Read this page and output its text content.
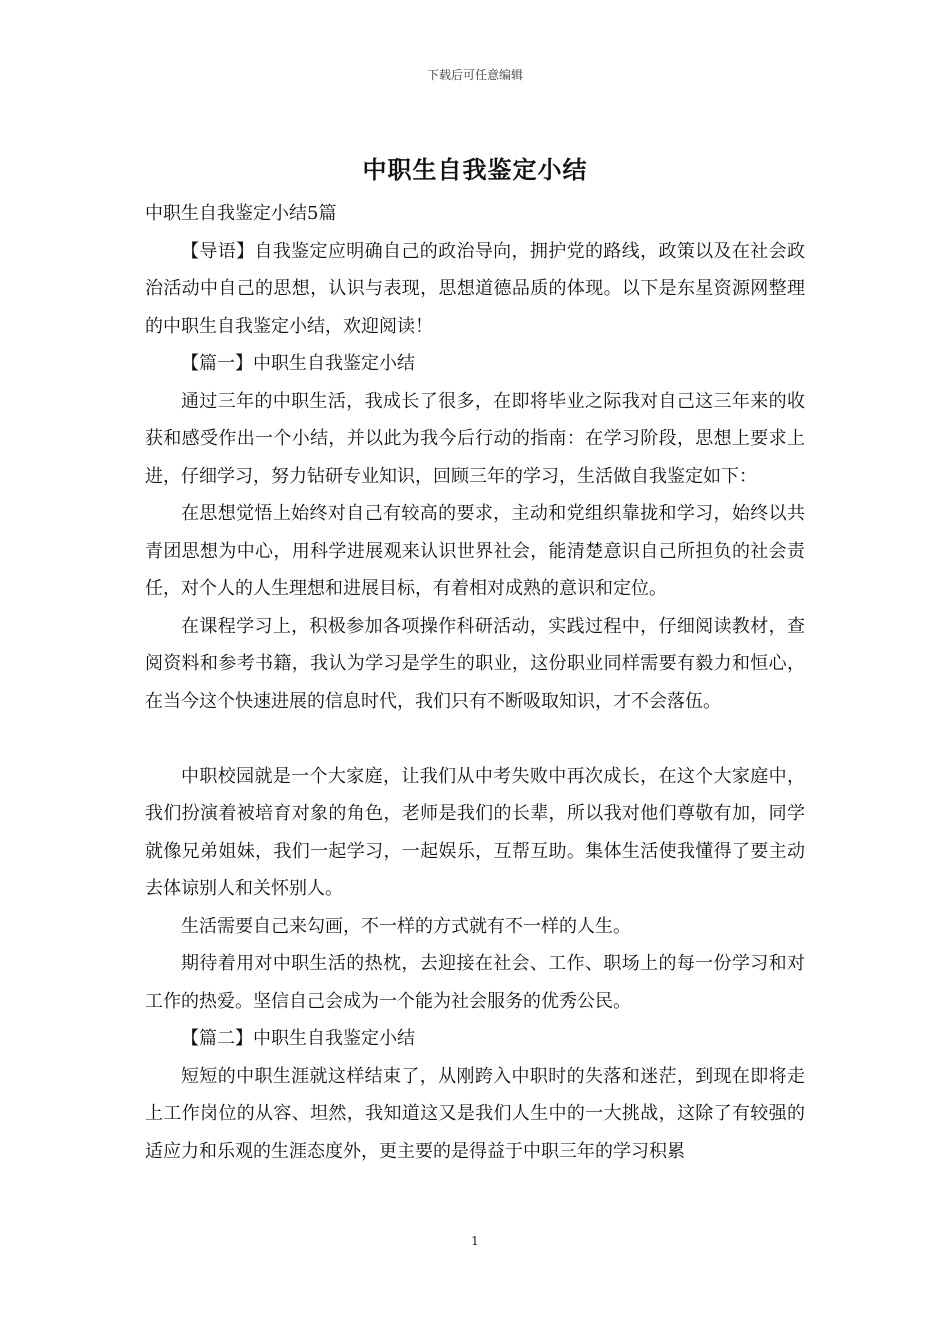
下载后可任意编辑
中职生自我鉴定小结

中职生自我鉴定小结5篇

【导语】自我鉴定应明确自己的政治导向，拥护党的路线，政策以及在社会政治活动中自己的思想，认识与表现，思想道德品质的体现。以下是东星资源网整理的中职生自我鉴定小结，欢迎阅读！

【篇一】中职生自我鉴定小结

通过三年的中职生活，我成长了很多，在即将毕业之际我对自己这三年来的收获和感受作出一个小结，并以此为我今后行动的指南：在学习阶段，思想上要求上进，仔细学习，努力钻研专业知识，回顾三年的学习，生活做自我鉴定如下：

在思想觉悟上始终对自己有较高的要求，主动和党组织靠拢和学习，始终以共青团思想为中心，用科学进展观来认识世界社会，能清楚意识自己所担负的社会责任，对个人的人生理想和进展目标，有着相对成熟的意识和定位。

在课程学习上，积极参加各项操作科研活动，实践过程中，仔细阅读教材，查阅资料和参考书籍，我认为学习是学生的职业，这份职业同样需要有毅力和恒心，在当今这个快速进展的信息时代，我们只有不断吸取知识，才不会落伍。

中职校园就是一个大家庭，让我们从中考失败中再次成长，在这个大家庭中，我们扮演着被培育对象的角色，老师是我们的长辈，所以我对他们尊敬有加，同学就像兄弟姐妹，我们一起学习，一起娱乐，互帮互助。集体生活使我懂得了要主动去体谅别人和关怀别人。

生活需要自己来勾画，不一样的方式就有不一样的人生。

期待着用对中职生活的热枕，去迎接在社会、工作、职场上的每一份学习和对工作的热爱。坚信自己会成为一个能为社会服务的优秀公民。

【篇二】中职生自我鉴定小结

短短的中职生涯就这样结束了，从刚跨入中职时的失落和迷茫，到现在即将走上工作岗位的从容、坦然，我知道这又是我们人生中的一大挑战，这除了有较强的适应力和乐观的生涯态度外，更主要的是得益于中职三年的学习积累

1
